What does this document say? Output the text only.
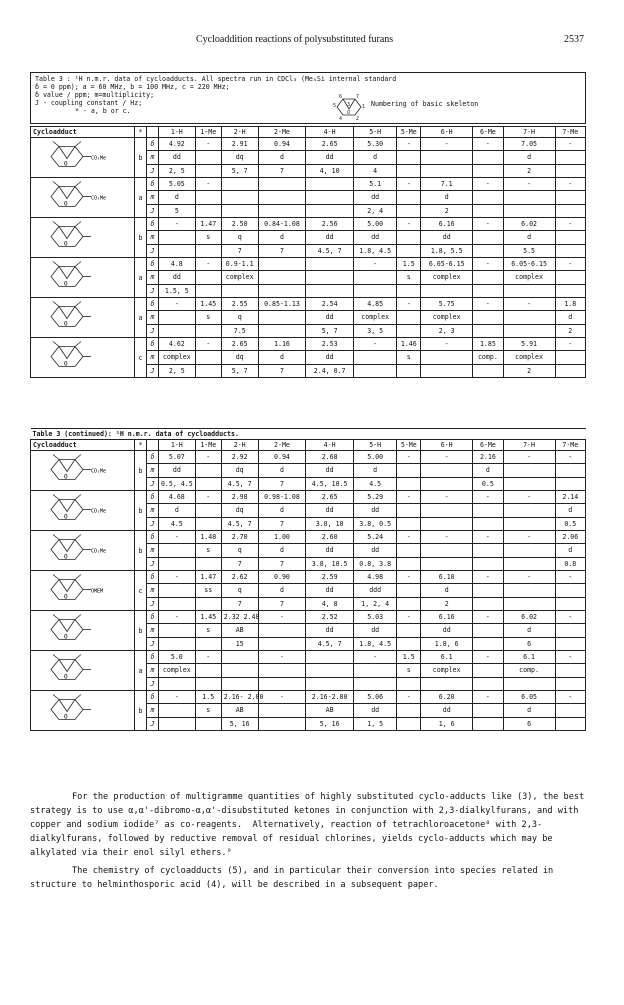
Cycloaddition reactions of polysubstituted furans	2537
Table 3 : ¹H n.m.r. data of cycloadducts. All spectra run in CDCl₃ (Me₄Si internal standard
δ = 0 ppm); a = 60 MHz, b = 100 MHz, c = 220 MHz;
δ value / ppm; m=multiplicity;
J - coupling constant / Hz;
* - a, b or c.
5
6	7
1
2
3
4
O
Numbering of basic skeleton
Cycloadduct	*		1-H	1-Me	2-H	2-Me	4-H	5-H	5-Me	6-H	6-Me	7-H	7-Me

O
CO₂Me	b	δ	4.92	-	2.91	0.94	2.65	5.30	-	-	-	7.05	-
		m	dd		dq	d	dd	d				d	
		J	2, 5		5, 7	7	4, 10	4				2	

O
CO₂Me	a	δ	5.05	-				5.1	-	7.1	-	-	-
		m	d					dd		d			
		J	5					2, 4		2			

O	b	δ	-	1.47	2.50	0.84-1.08	2.56	5.00	-	6.16	-	6.02	-
		m		s	q	d	dd	dd		dd		d	
		J			7	7	4.5, 7	1.8, 4.5		1.8, 5.5		5.5	

O	a	δ	4.8	-	0.9-1.1			-	1.5	6.05-6.15	-	6.05-6.15	-
		m	dd		complex				s	complex		complex	
		J	1.5, 5										

O	a	δ	-	1.45	2.55	0.85-1.13	2.54	4.85	-	5.75	-	-	1.8
		m		s	q		dd	complex		complex			d
		J			7.5		5, 7	3, 5		2, 3			2

O	c	δ	4.62	-	2.65	1.16	2.53	-	1.46	-	1.85	5.91	-
		m	complex		dq	d	dd		s		comp.	complex	
		J	2, 5		5, 7	7	2.4, 0.7					2	
Table 3 (continued): ¹H n.m.r. data of cycloadducts.													
Cycloadduct	*		1-H	1-Me	2-H	2-Me	4-H	5-H	5-Me	6-H	6-Me	7-H	7-Me

O
CO₂Me	b	δ	5.07	-	2.92	0.94	2.68	5.00	-	-	2.16	-	-
		m	dd		dq	d	dd	d			d		
		J	0.5, 4.5		4.5, 7	7	4.5, 10.5	4.5			0.5		

O
CO₂Me	b	δ	4.68	-	2.98	0.98-1.08	2.65	5.29	-	-	-	-	2.14
		m	d		dq	d	dd	dd					d
		J	4.5		4.5, 7	7	3.8, 10	3.8, 0.5					0.5

O
CO₂Me	b	δ	-	1.48	2.70	1.00	2.60	5.24	-	-	-	-	2.06
		m		s	q	d	dd	dd					d
		J			7	7	3.8, 10.5	0.8, 3.8					0.8

O
OMEM	c	δ	-	1.47	2.62	0.90	2.59	4.98	-	6.10	-	-	-
		m		ss	q	d	dd	ddd		d			
		J			7	7	4, 8	1, 2, 4		2			

O	b	δ	-	1.45	2.32 2.48	-	2.52	5.03	-	6.16	-	6.02	-
		m		s	AB		dd	dd		dd		d	
		J			15		4.5, 7	1.8, 4.5		1.8, 6		6	

O	a	δ	5.0	-		-		-	1.5	6.1	-	6.1	-
		m	complex						s	complex		comp.	
		J											

O	b	δ	-	1.5	2.16- 2.80	-	2.16-2.80	5.06	-	6.20	-	6.05	-
		m		s	AB		AB	dd		dd		d	
		J			5, 16		5, 16	1, 5		1, 6		6	

For the production of multigramme quantities of highly substituted cyclo-adducts like (3), the best strategy is to use α,α'-dibromo-α,α'-disubstituted ketones in conjunction with 2,3-dialkylfurans, and with copper and sodium iodide⁷ as co-reagents.  Alternatively, reaction of tetrachloroacetone⁸ with 2,3-dialkylfurans, followed by reductive removal of residual chlorines, yields cyclo-adducts which may be alkylated via their enol silyl ethers.⁹

The chemistry of cycloadducts (5), and in particular their conversion into species related in structure to helminthosporic acid (4), will be described in a subsequent paper.
